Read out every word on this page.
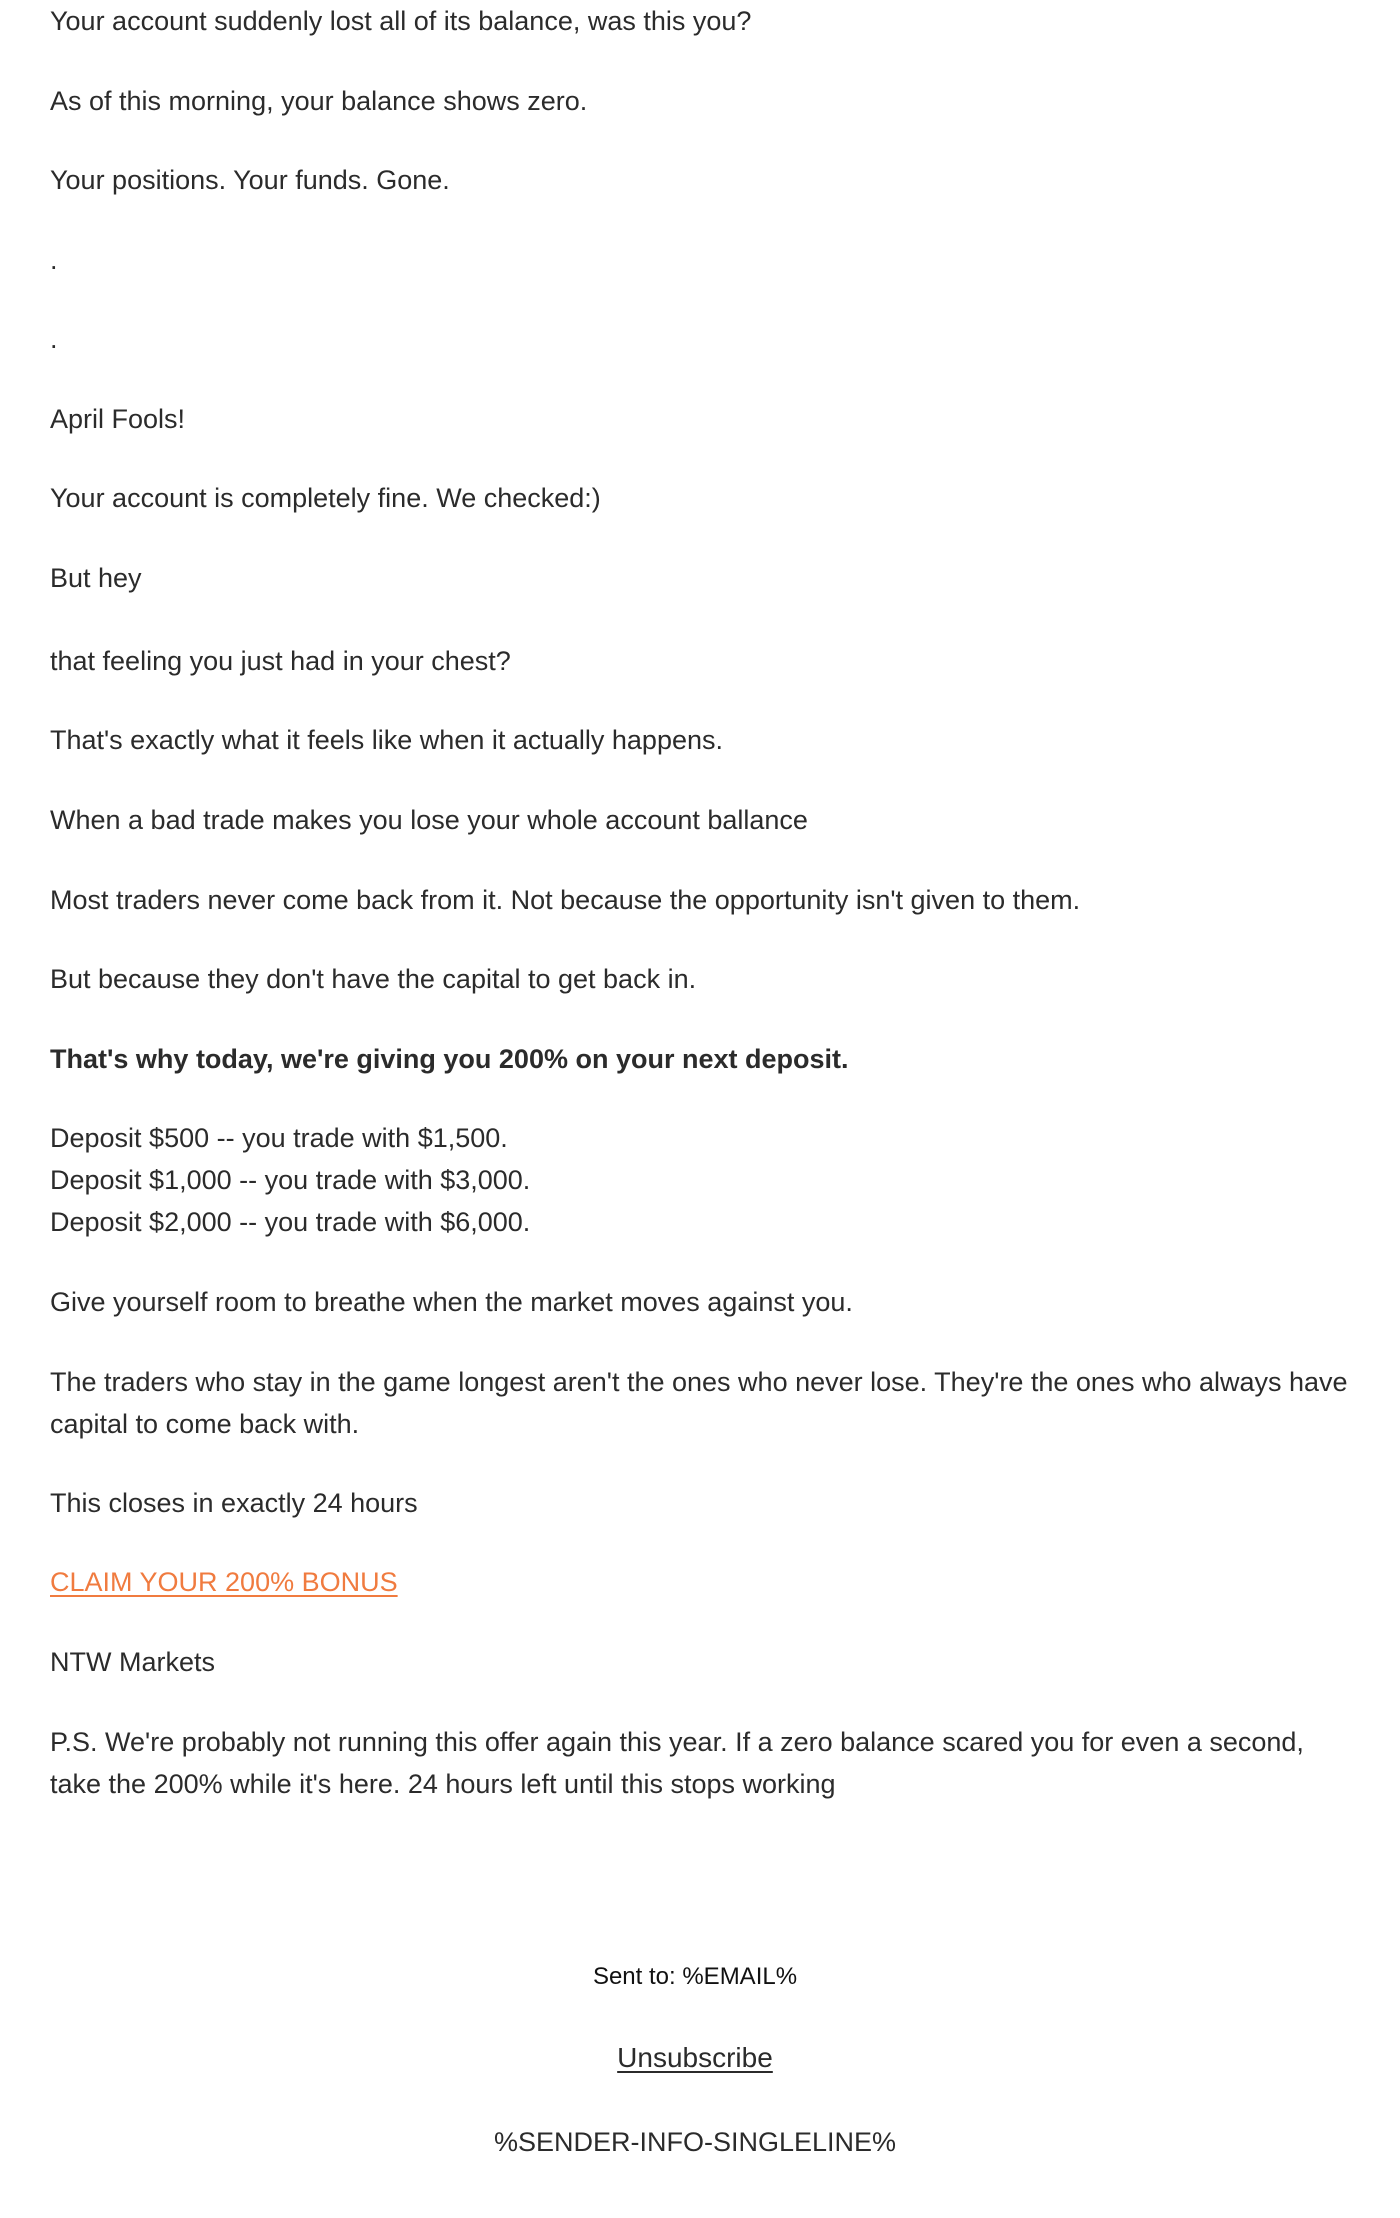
Your account suddenly lost all of its balance, was this you?

As of this morning, your balance shows zero.

Your positions. Your funds. Gone.

.

.

April Fools!

Your account is completely fine. We checked:)

But hey

that feeling you just had in your chest?

That's exactly what it feels like when it actually happens.

When a bad trade makes you lose your whole account ballance

Most traders never come back from it. Not because the opportunity isn't given to them.

But because they don't have the capital to get back in.

That's why today, we're giving you 200% on your next deposit.

Deposit $500 -- you trade with $1,500.

Deposit $1,000 -- you trade with $3,000.

Deposit $2,000 -- you trade with $6,000.

Give yourself room to breathe when the market moves against you.

The traders who stay in the game longest aren't the ones who never lose. They're the ones who always have capital to come back with.

This closes in exactly 24 hours

CLAIM YOUR 200% BONUS

NTW Markets

P.S. We're probably not running this offer again this year. If a zero balance scared you for even a second, take the 200% while it's here. 24 hours left until this stops working

Sent to: %EMAIL%
Unsubscribe
%SENDER-INFO-SINGLELINE%
